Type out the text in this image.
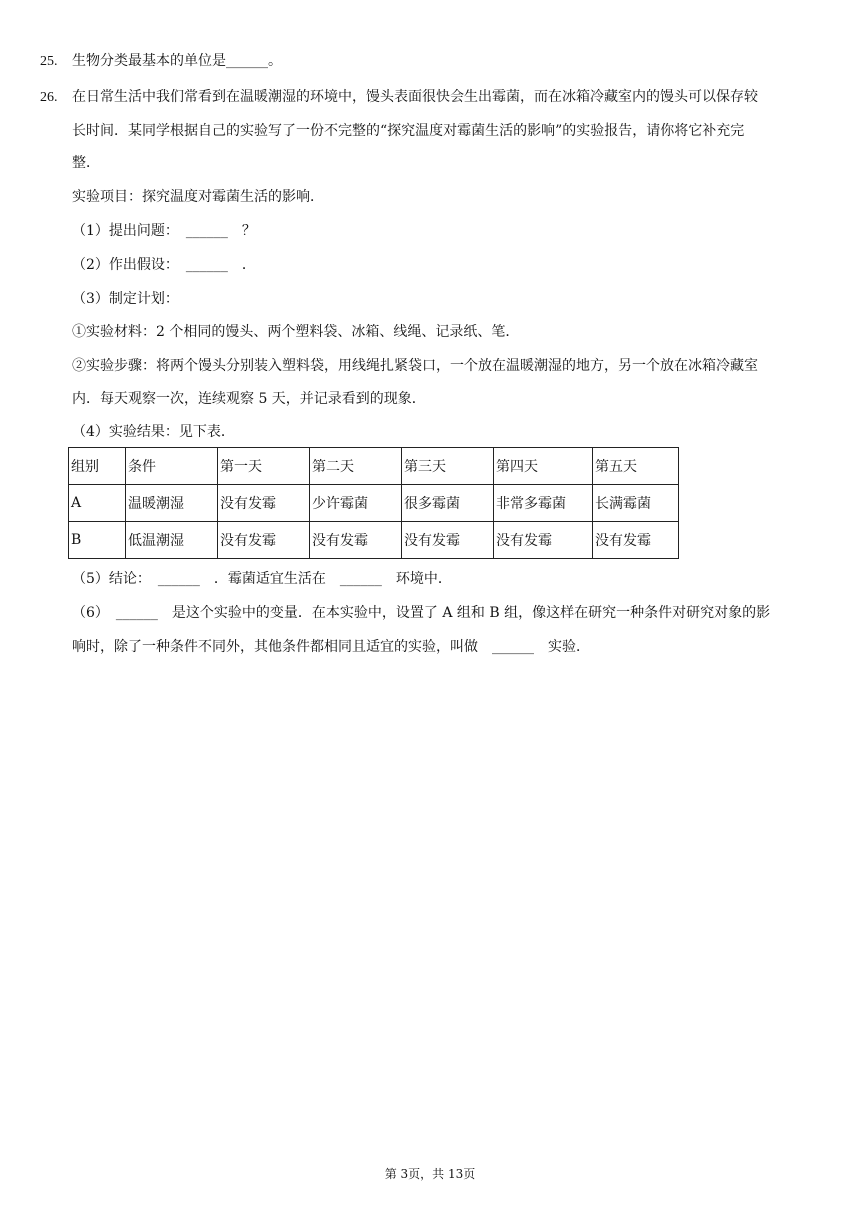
25. 生物分类最基本的单位是______。
26. 在日常生活中我们常看到在温暖潮湿的环境中，馒头表面很快会生出霉菌，而在冰箱冷藏室内的馒头可以保存较
长时间．某同学根据自己的实验写了一份不完整的“探究温度对霉菌生活的影响”的实验报告，请你将它补充完
整．
实验项目：探究温度对霉菌生活的影响．
（1）提出问题：　______　？
（2）作出假设：　______　．
（3）制定计划：
①实验材料：2 个相同的馒头、两个塑料袋、冰箱、线绳、记录纸、笔．
②实验步骤：将两个馒头分别装入塑料袋，用线绳扎紧袋口，一个放在温暖潮湿的地方，另一个放在冰箱冷藏室
内．每天观察一次，连续观察 5 天，并记录看到的现象．
（4）实验结果：见下表．
组别	条件	第一天	第二天	第三天	第四天	第五天
A	温暖潮湿	没有发霉	少许霉菌	很多霉菌	非常多霉菌	长满霉菌
B	低温潮湿	没有发霉	没有发霉	没有发霉	没有发霉	没有发霉
（5）结论：　______　．霉菌适宜生活在　______　环境中．
（6）　______　是这个实验中的变量．在本实验中，设置了 A 组和 B 组，像这样在研究一种条件对研究对象的影
响时，除了一种条件不同外，其他条件都相同且适宜的实验，叫做　______　实验．
第 3页，共 13页
